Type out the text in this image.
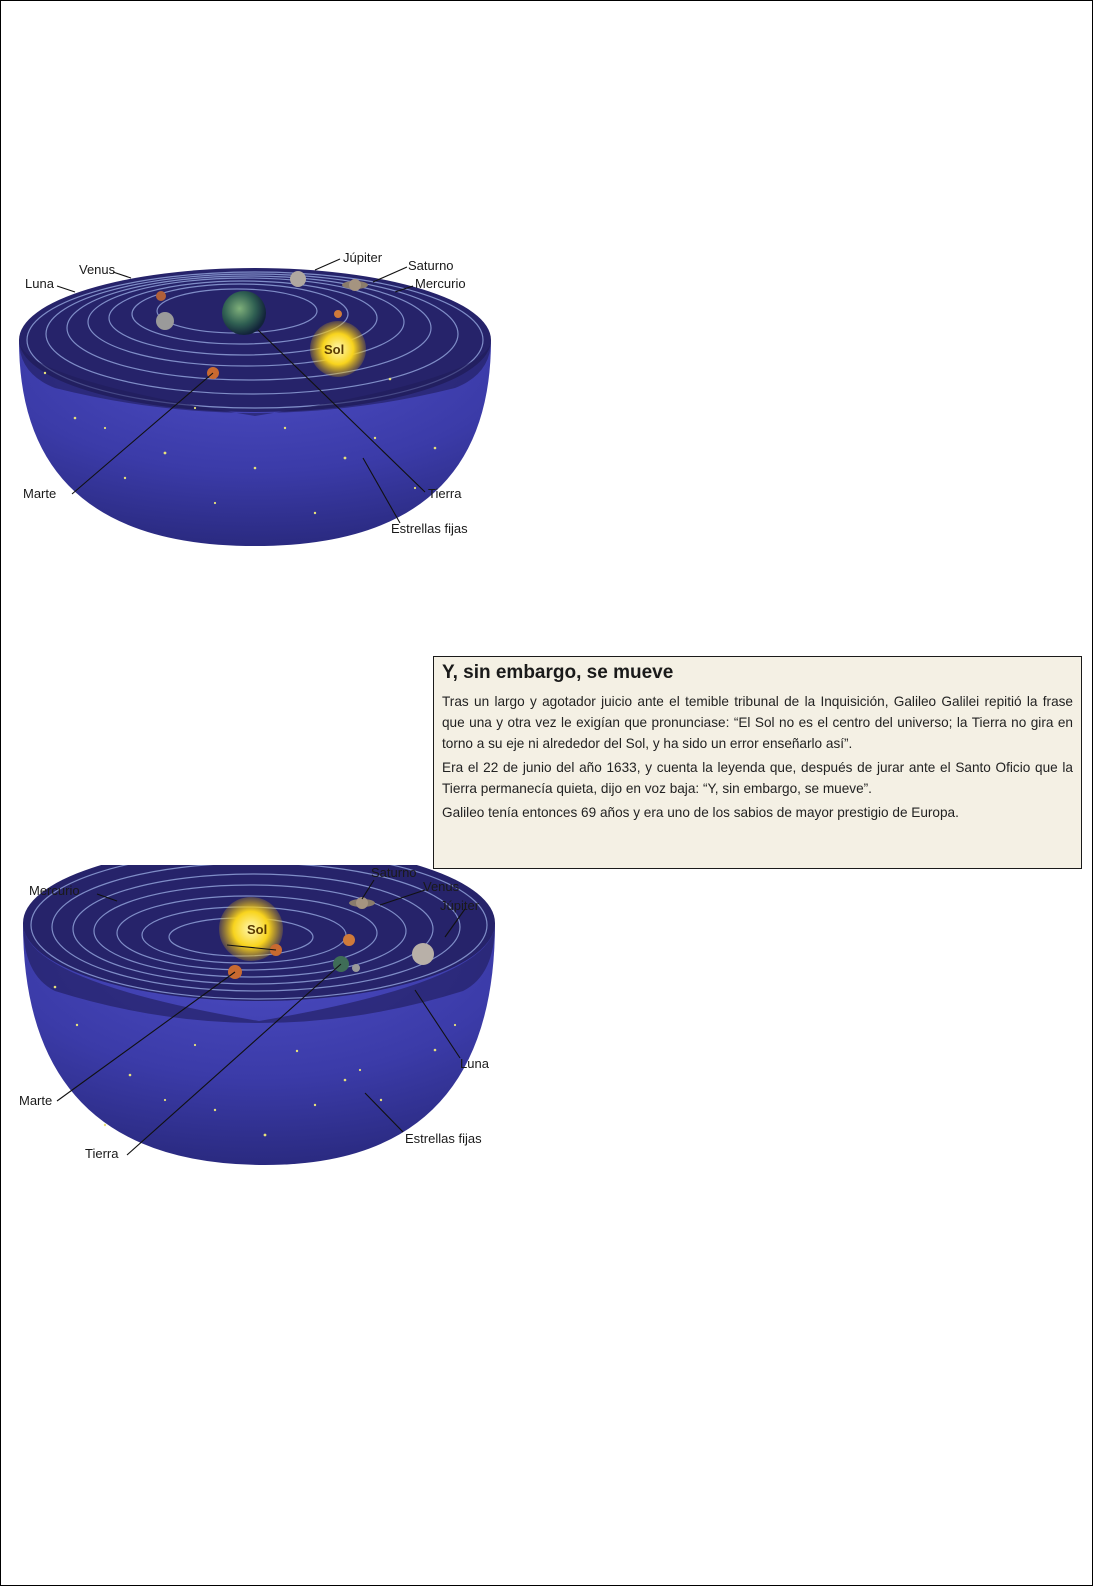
Luna
Venus
Júpiter
Saturno
Mercurio
Sol
Marte	Tierra
Estrellas fijas
Y, sin embargo, se mueve

Tras un largo y agotador juicio ante el temible tribunal de la Inquisición, Galileo Galilei repitió la frase que una y otra vez le exigían que pronunciase: “El Sol no es el centro del universo; la Tierra no gira en torno a su eje ni alrededor del Sol, y ha sido un error enseñarlo así”.

Era el 22 de junio del año 1633, y cuenta la leyenda que, después de jurar ante el Santo Oficio que la Tierra permanecía quieta, dijo en voz baja: “Y, sin embargo, se mueve”.

Galileo tenía entonces 69 años y era uno de los sabios de mayor prestigio de Europa.

Mercurio
Saturno
Venus
Júpiter
Sol
Luna
Marte
Estrellas fijas
Tierra
